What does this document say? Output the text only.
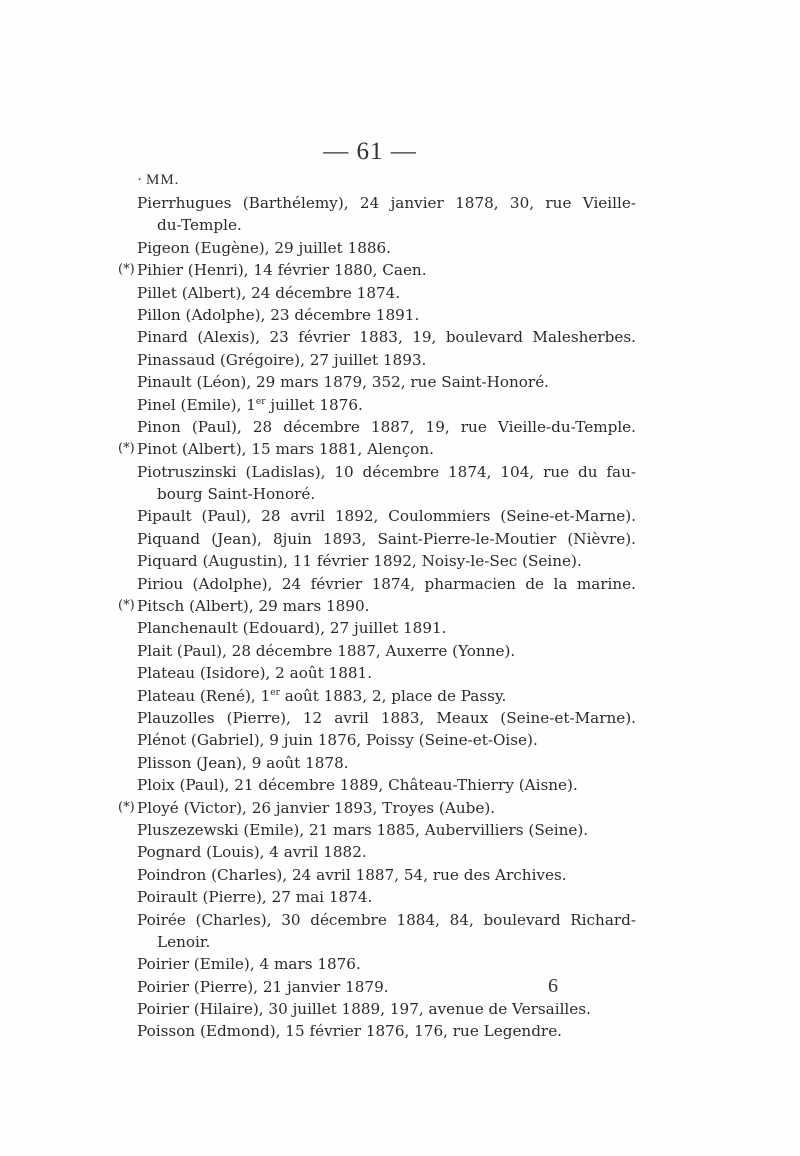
— 61 —
· MM.
Pierrhugues (Barthélemy), 24 janvier 1878, 30, rue Vieille-
du-Temple.
Pigeon (Eugène), 29 juillet 1886.
(*) Pihier (Henri), 14 février 1880, Caen.
Pillet (Albert), 24 décembre 1874.
Pillon (Adolphe), 23 décembre 1891.
Pinard (Alexis), 23 février 1883, 19, boulevard Malesherbes.
Pinassaud (Grégoire), 27 juillet 1893.
Pinault (Léon), 29 mars 1879, 352, rue Saint-Honoré.
Pinel (Emile), 1er juillet 1876.
Pinon (Paul), 28 décembre 1887, 19, rue Vieille-du-Temple.
(*) Pinot (Albert), 15 mars 1881, Alençon.
Piotruszinski (Ladislas), 10 décembre 1874, 104, rue du fau-
bourg Saint-Honoré.
Pipault (Paul), 28 avril 1892, Coulommiers (Seine-et-Marne).
Piquand (Jean), 8juin 1893, Saint-Pierre-le-Moutier (Nièvre).
Piquard (Augustin), 11 février 1892, Noisy-le-Sec (Seine).
Piriou (Adolphe), 24 février 1874, pharmacien de la marine.
(*) Pitsch (Albert), 29 mars 1890.
Planchenault (Edouard), 27 juillet 1891.
Plait (Paul), 28 décembre 1887, Auxerre (Yonne).
Plateau (Isidore), 2 août 1881.
Plateau (René), 1er août 1883, 2, place de Passy.
Plauzolles (Pierre), 12 avril 1883, Meaux (Seine-et-Marne).
Plénot (Gabriel), 9 juin 1876, Poissy (Seine-et-Oise).
Plisson (Jean), 9 août 1878.
Ploix (Paul), 21 décembre 1889, Château-Thierry (Aisne).
(*) Ployé (Victor), 26 janvier 1893, Troyes (Aube).
Pluszezewski (Emile), 21 mars 1885, Aubervilliers (Seine).
Pognard (Louis), 4 avril 1882.
Poindron (Charles), 24 avril 1887, 54, rue des Archives.
Poirault (Pierre), 27 mai 1874.
Poirée (Charles), 30 décembre 1884, 84, boulevard Richard-
Lenoir.
Poirier (Emile), 4 mars 1876.
Poirier (Pierre), 21 janvier 1879.
Poirier (Hilaire), 30 juillet 1889, 197, avenue de Versailles.
Poisson (Edmond), 15 février 1876, 176, rue Legendre.
6
